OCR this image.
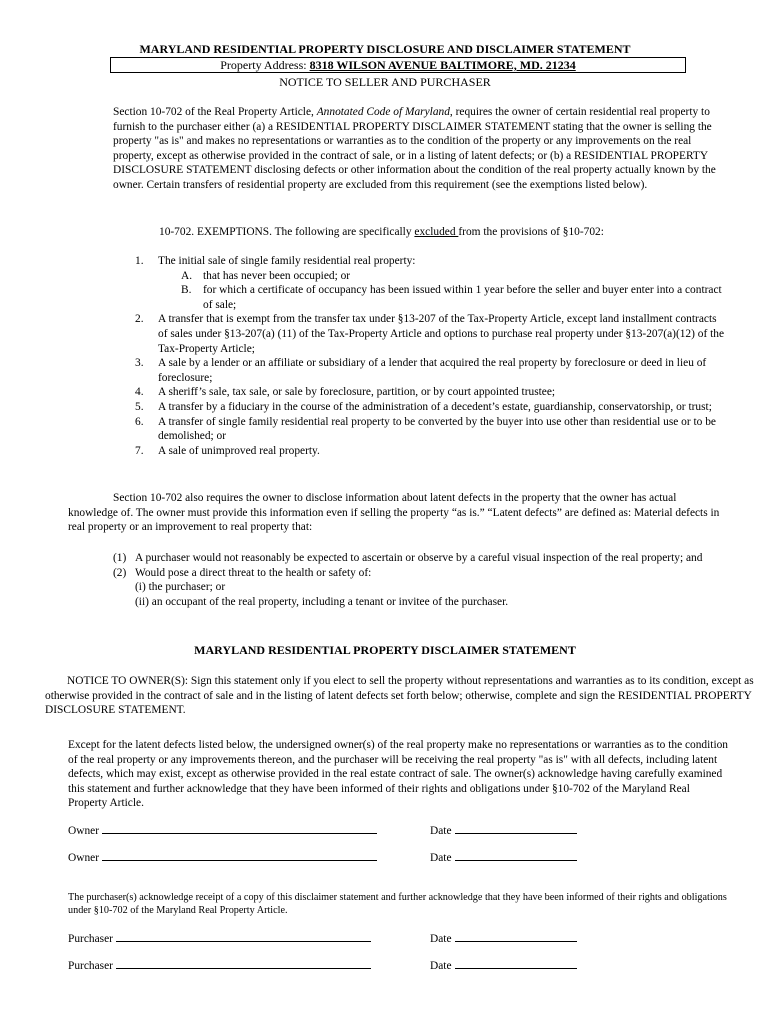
MARYLAND RESIDENTIAL PROPERTY DISCLOSURE AND DISCLAIMER STATEMENT
Property Address: 8318 WILSON AVENUE BALTIMORE, MD. 21234
NOTICE TO SELLER AND PURCHASER
Section 10-702 of the Real Property Article, Annotated Code of Maryland, requires the owner of certain residential real property to furnish to the purchaser either (a) a RESIDENTIAL PROPERTY DISCLAIMER STATEMENT stating that the owner is selling the property "as is" and makes no representations or warranties as to the condition of the property or any improvements on the real property, except as otherwise provided in the contract of sale, or in a listing of latent defects; or (b) a RESIDENTIAL PROPERTY DISCLOSURE STATEMENT disclosing defects or other information about the condition of the real property actually known by the owner. Certain transfers of residential property are excluded from this requirement (see the exemptions listed below).
10-702. EXEMPTIONS. The following are specifically excluded from the provisions of §10-702:
1. The initial sale of single family residential real property:
A. that has never been occupied; or
B. for which a certificate of occupancy has been issued within 1 year before the seller and buyer enter into a contract of sale;
2. A transfer that is exempt from the transfer tax under §13-207 of the Tax-Property Article, except land installment contracts of sales under §13-207(a) (11) of the Tax-Property Article and options to purchase real property under §13-207(a)(12) of the Tax-Property Article;
3. A sale by a lender or an affiliate or subsidiary of a lender that acquired the real property by foreclosure or deed in lieu of foreclosure;
4. A sheriff’s sale, tax sale, or sale by foreclosure, partition, or by court appointed trustee;
5. A transfer by a fiduciary in the course of the administration of a decedent’s estate, guardianship, conservatorship, or trust;
6. A transfer of single family residential real property to be converted by the buyer into use other than residential use or to be demolished; or
7. A sale of unimproved real property.
Section 10-702 also requires the owner to disclose information about latent defects in the property that the owner has actual knowledge of. The owner must provide this information even if selling the property “as is.” “Latent defects” are defined as: Material defects in real property or an improvement to real property that:
(1) A purchaser would not reasonably be expected to ascertain or observe by a careful visual inspection of the real property; and
(2) Would pose a direct threat to the health or safety of:
(i) the purchaser; or
(ii) an occupant of the real property, including a tenant or invitee of the purchaser.
MARYLAND RESIDENTIAL PROPERTY DISCLAIMER STATEMENT
NOTICE TO OWNER(S): Sign this statement only if you elect to sell the property without representations and warranties as to its condition, except as otherwise provided in the contract of sale and in the listing of latent defects set forth below; otherwise, complete and sign the RESIDENTIAL PROPERTY DISCLOSURE STATEMENT.
Except for the latent defects listed below, the undersigned owner(s) of the real property make no representations or warranties as to the condition of the real property or any improvements thereon, and the purchaser will be receiving the real property "as is" with all defects, including latent defects, which may exist, except as otherwise provided in the real estate contract of sale. The owner(s) acknowledge having carefully examined this statement and further acknowledge that they have been informed of their rights and obligations under §10-702 of the Maryland Real Property Article.
Owner	Date
Owner	Date
The purchaser(s) acknowledge receipt of a copy of this disclaimer statement and further acknowledge that they have been informed of their rights and obligations under §10-702 of the Maryland Real Property Article.
Purchaser	Date
Purchaser	Date
